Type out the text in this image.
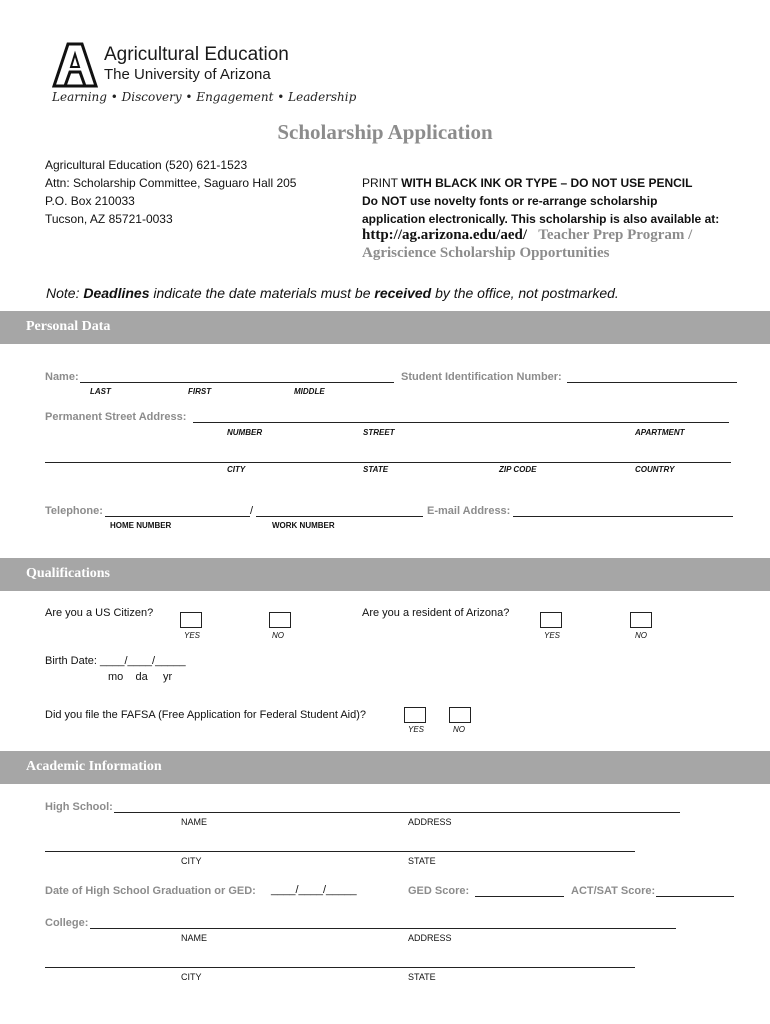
Agricultural Education
The University of Arizona
Learning • Discovery • Engagement • Leadership
Scholarship Application
Agricultural Education (520) 621-1523
Attn: Scholarship Committee, Saguaro Hall 205
P.O. Box 210033
Tucson, AZ 85721-0033
PRINT WITH BLACK INK OR TYPE – DO NOT USE PENCIL
Do NOT use novelty fonts or re-arrange scholarship
application electronically. This scholarship is also available at:
http://ag.arizona.edu/aed/ Teacher Prep Program /
Agriscience Scholarship Opportunities
Note: Deadlines indicate the date materials must be received by the office, not postmarked.
Personal Data
Name:
LAST	FIRST	MIDDLE
Student Identification Number:
Permanent Street Address:
NUMBER	STREET	APARTMENT
CITY	STATE	ZIP CODE	COUNTRY
Telephone:	/
HOME NUMBER	WORK NUMBER
E-mail Address:
Qualifications
Are you a US Citizen?
YES	NO
Are you a resident of Arizona?
YES	NO
Birth Date: ____/____/_____
mo    da     yr
Did you file the FAFSA (Free Application for Federal Student Aid)?
YES	NO
Academic Information
High School:
NAME	ADDRESS
CITY	STATE
Date of High School Graduation or GED: ____/____/_____	GED Score:	ACT/SAT Score:
College:
NAME	ADDRESS
CITY	STATE
